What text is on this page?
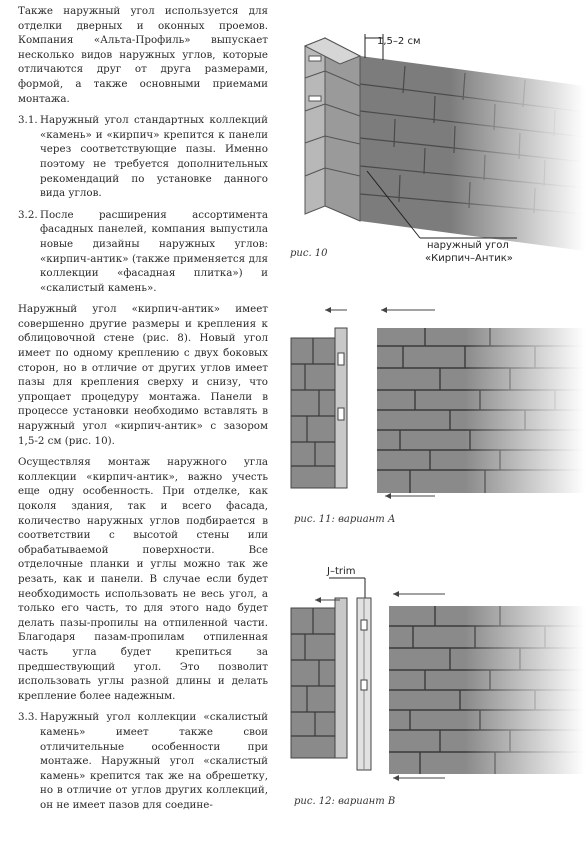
Также наружный угол используется для отделки дверных и оконных проемов. Компания «Альта-Профиль» выпускает несколько видов наружных углов, которые отличаются друг от друга размерами, формой, а также основными приемами монтажа.

3.1. Наружный угол стандартных коллекций «камень» и «кирпич» крепится к панели через соответствующие пазы. Именно поэтому не требуется дополнительных рекомендаций по установке данного вида углов.
3.2. После расширения ассортимента фасадных панелей, компания выпустила новые дизайны наружных углов: «кирпич-антик» (также применяется для коллекции «фасадная плитка») и «скалистый камень».

Наружный угол «кирпич-антик» имеет совершенно другие размеры и крепления к облицовочной стене (рис. 8). Новый угол имеет по одному креплению с двух боковых сторон, но в отличие от других углов имеет пазы для крепления сверху и снизу, что упрощает процедуру монтажа. Панели в процессе установки необходимо вставлять в наружный угол «кирпич-антик» с зазором 1,5-2 см (рис. 10).

Осуществляя монтаж наружного угла коллекции «кирпич-антик», важно учесть еще одну особенность. При отделке, как цоколя здания, так и всего фасада, количество наружных углов подбирается в соответствии с высотой стены или обрабатываемой поверхности. Все отделочные планки и углы можно так же резать, как и панели. В случае если будет необходимость использовать не весь угол, а только его часть, то для этого надо будет делать пазы-пропилы на отпиленной части. Благодаря пазам-пропилам отпиленная часть угла будет крепиться за предшествующий угол. Это позволит использовать углы разной длины и делать крепление более надежным.

3.3. Наружный угол коллекции «скалистый камень» имеет также свои отличительные особенности при монтаже. Наружный угол «скалистый камень» крепится так же на обрешетку, но в отличие от углов других коллекций, он не имеет пазов для соедине-
1,5–2 см
наружный угол
«Кирпич–Антик»
рис. 10
рис. 11: вариант А
рис. 12: вариант В
